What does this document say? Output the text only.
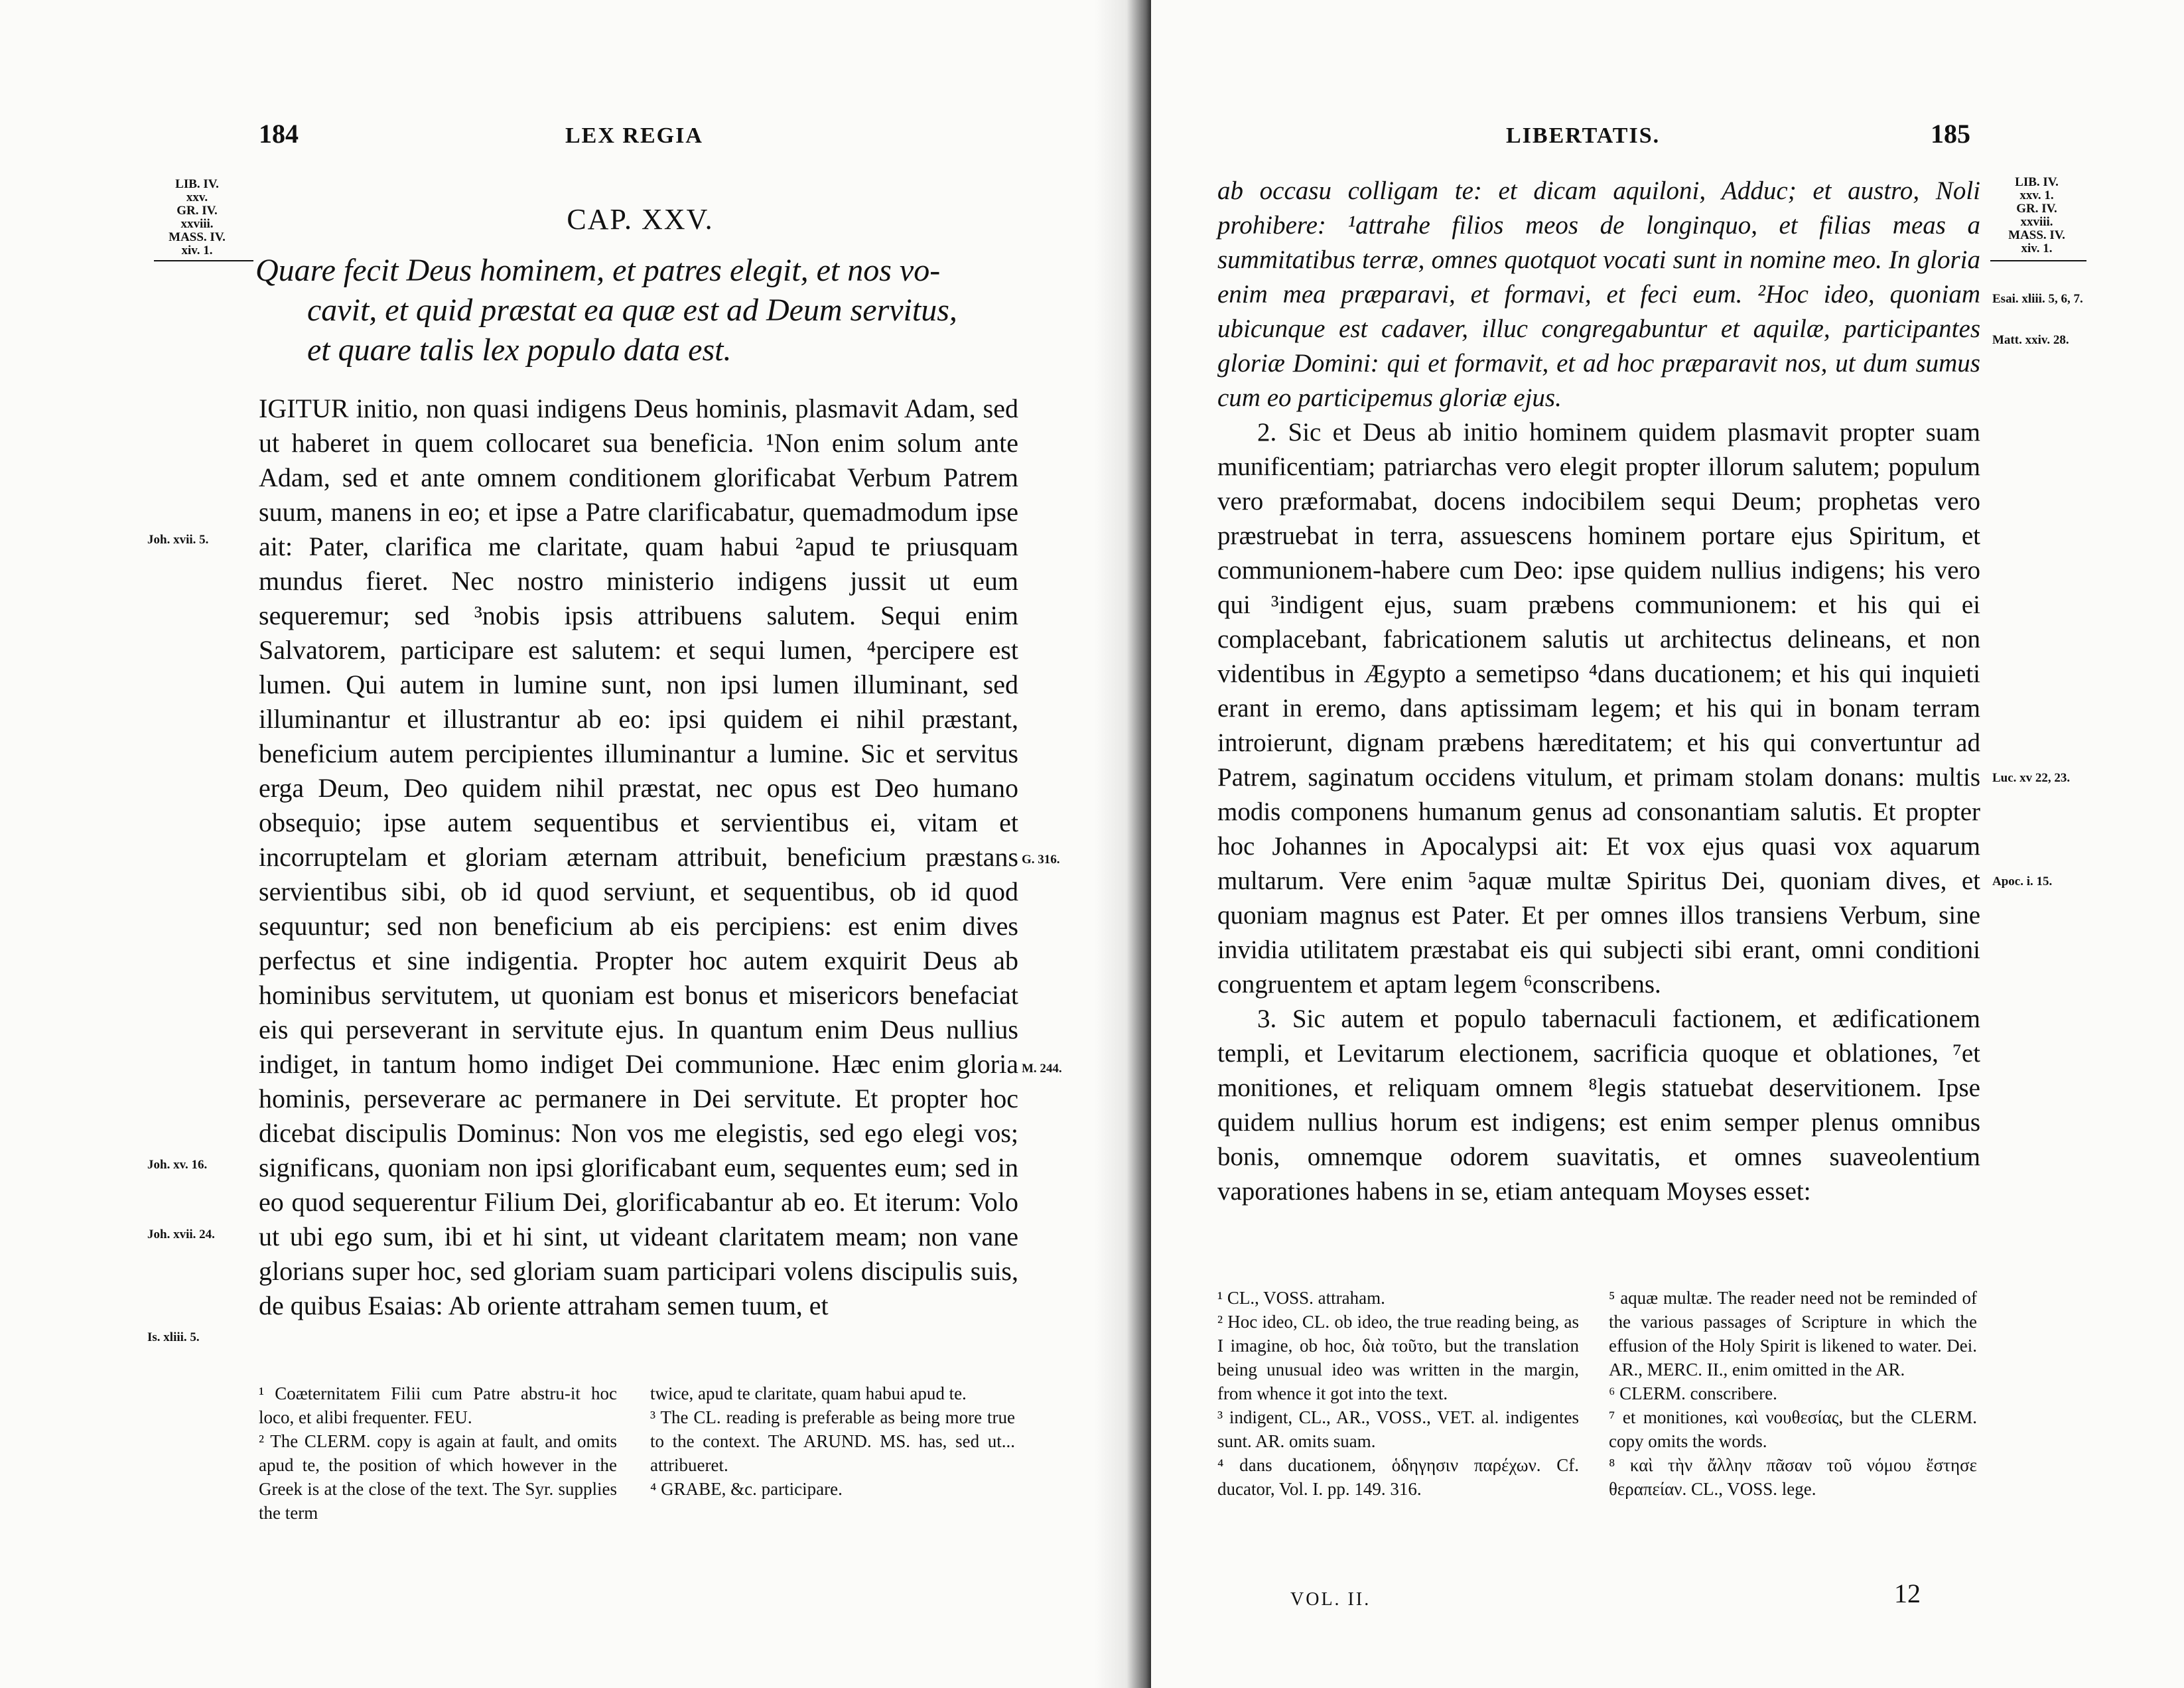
184	LEX REGIA
LIB. IV.
xxv.
GR. IV.
xxviii.
MASS. IV.
xiv. 1.
CAP. XXV.
Quare fecit Deus hominem, et patres elegit, et nos vo-
cavit, et quid præstat ea quæ est ad Deum servitus,
et quare talis lex populo data est.

IGITUR initio, non quasi indigens Deus hominis, plasmavit Adam, sed ut haberet in quem collocaret sua beneficia. ¹Non enim solum ante Adam, sed et ante omnem conditionem glorificabat Verbum Patrem suum, manens in eo; et ipse a Patre clarificabatur, quemadmodum ipse ait: Pater, clarifica me claritate, quam habui ²apud te priusquam mundus fieret. Nec nostro ministerio indigens jussit ut eum sequeremur; sed ³nobis ipsis attribuens salutem. Sequi enim Salvatorem, participare est salutem: et sequi lumen, ⁴percipere est lumen. Qui autem in lumine sunt, non ipsi lumen illuminant, sed illuminantur et illustrantur ab eo: ipsi quidem ei nihil præstant, beneficium autem percipientes illuminantur a lumine. Sic et servitus erga Deum, Deo quidem nihil præstat, nec opus est Deo humano obsequio; ipse autem sequentibus et servientibus ei, vitam et incorruptelam et gloriam æternam attribuit, beneficium præstans servientibus sibi, ob id quod serviunt, et sequentibus, ob id quod sequuntur; sed non beneficium ab eis percipiens: est enim dives perfectus et sine indigentia. Propter hoc autem exquirit Deus ab hominibus servitutem, ut quoniam est bonus et misericors benefaciat eis qui perseverant in servitute ejus. In quantum enim Deus nullius indiget, in tantum homo indiget Dei communione. Hæc enim gloria hominis, perseverare ac permanere in Dei servitute. Et propter hoc dicebat discipulis Dominus: Non vos me elegistis, sed ego elegi vos; significans, quoniam non ipsi glorificabant eum, sequentes eum; sed in eo quod sequerentur Filium Dei, glorificabantur ab eo. Et iterum: Volo ut ubi ego sum, ibi et hi sint, ut videant claritatem meam; non vane glorians super hoc, sed gloriam suam participari volens discipulis suis, de quibus Esaias: Ab oriente attraham semen tuum, et

Joh. xvii. 5.
G. 316.
M. 244.
Joh. xv. 16.
Joh. xvii. 24.
Is. xliii. 5.

¹ Coæternitatem Filii cum Patre abstru-it hoc loco, et alibi frequenter. FEU.

² The CLERM. copy is again at fault, and omits apud te, the position of which however in the Greek is at the close of the text. The Syr. supplies the term

twice, apud te claritate, quam habui apud te.

³ The CL. reading is preferable as being more true to the context. The ARUND. MS. has, sed ut... attribueret.

⁴ GRABE, &c. participare.

LIBERTATIS.	185
LIB. IV.
xxv. 1.
GR. IV.
xxviii.
MASS. IV.
xiv. 1.
Esai. xliii. 5, 6, 7.
Matt. xxiv. 28.
Luc. xv 22, 23.
Apoc. i. 15.

ab occasu colligam te: et dicam aquiloni, Adduc; et austro, Noli prohibere: ¹attrahe filios meos de longinquo, et filias meas a summitatibus terræ, omnes quotquot vocati sunt in nomine meo. In gloria enim mea præparavi, et formavi, et feci eum. ²Hoc ideo, quoniam ubicunque est cadaver, illuc congregabuntur et aquilæ, participantes gloriæ Domini: qui et formavit, et ad hoc præparavit nos, ut dum sumus cum eo participemus gloriæ ejus.

2. Sic et Deus ab initio hominem quidem plasmavit propter suam munificentiam; patriarchas vero elegit propter illorum salutem; populum vero præformabat, docens indocibilem sequi Deum; prophetas vero præstruebat in terra, assuescens hominem portare ejus Spiritum, et communionem-habere cum Deo: ipse quidem nullius indigens; his vero qui ³indigent ejus, suam præbens communionem: et his qui ei complacebant, fabricationem salutis ut architectus delineans, et non videntibus in Ægypto a semetipso ⁴dans ducationem; et his qui inquieti erant in eremo, dans aptissimam legem; et his qui in bonam terram introierunt, dignam præbens hæreditatem; et his qui convertuntur ad Patrem, saginatum occidens vitulum, et primam stolam donans: multis modis componens humanum genus ad consonantiam salutis. Et propter hoc Johannes in Apocalypsi ait: Et vox ejus quasi vox aquarum multarum. Vere enim ⁵aquæ multæ Spiritus Dei, quoniam dives, et quoniam magnus est Pater. Et per omnes illos transiens Verbum, sine invidia utilitatem præstabat eis qui subjecti sibi erant, omni conditioni congruentem et aptam legem ⁶conscribens.

3. Sic autem et populo tabernaculi factionem, et ædificationem templi, et Levitarum electionem, sacrificia quoque et oblationes, ⁷et monitiones, et reliquam omnem ⁸legis statuebat deservitionem. Ipse quidem nullius horum est indigens; est enim semper plenus omnibus bonis, omnemque odorem suavitatis, et omnes suaveolentium vaporationes habens in se, etiam antequam Moyses esset:

¹ CL., VOSS. attraham.

² Hoc ideo, CL. ob ideo, the true reading being, as I imagine, ob hoc, διὰ τοῦτο, but the translation being unusual ideo was written in the margin, from whence it got into the text.

³ indigent, CL., AR., VOSS., VET. al. indigentes sunt. AR. omits suam.

⁴ dans ducationem, ὁδηγησιν παρέχων. Cf. ducator, Vol. I. pp. 149. 316.

⁵ aquæ multæ. The reader need not be reminded of the various passages of Scripture in which the effusion of the Holy Spirit is likened to water. Dei. AR., MERC. II., enim omitted in the AR.

⁶ CLERM. conscribere.

⁷ et monitiones, καὶ νουθεσίας, but the CLERM. copy omits the words.

⁸ καὶ τὴν ἄλλην πᾶσαν τοῦ νόμου ἔστησε θεραπείαν. CL., VOSS. lege.

VOL. II.	12
